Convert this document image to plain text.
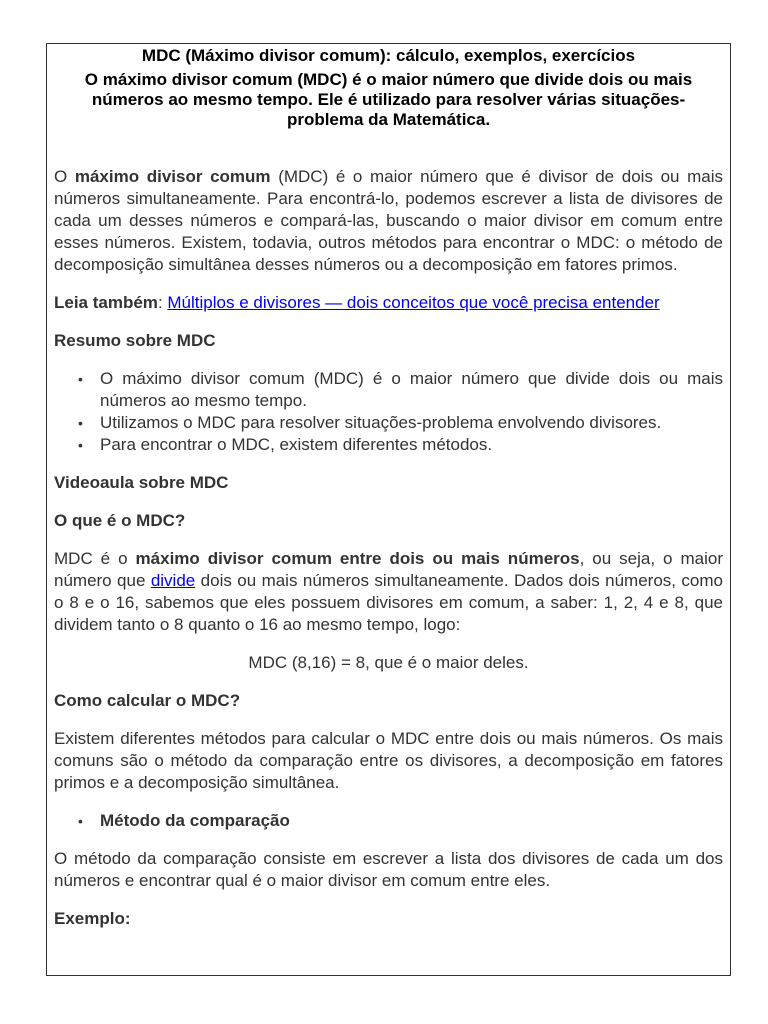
MDC (Máximo divisor comum): cálculo, exemplos, exercícios
O máximo divisor comum (MDC) é o maior número que divide dois ou mais números ao mesmo tempo. Ele é utilizado para resolver várias situações-problema da Matemática.

O máximo divisor comum (MDC) é o maior número que é divisor de dois ou mais números simultaneamente. Para encontrá-lo, podemos escrever a lista de divisores de cada um desses números e compará-las, buscando o maior divisor em comum entre esses números. Existem, todavia, outros métodos para encontrar o MDC: o método de decomposição simultânea desses números ou a decomposição em fatores primos.

Leia também: Múltiplos e divisores — dois conceitos que você precisa entender

Resumo sobre MDC

• O máximo divisor comum (MDC) é o maior número que divide dois ou mais números ao mesmo tempo.
• Utilizamos o MDC para resolver situações-problema envolvendo divisores.
• Para encontrar o MDC, existem diferentes métodos.

Videoaula sobre MDC

O que é o MDC?

MDC é o máximo divisor comum entre dois ou mais números, ou seja, o maior número que divide dois ou mais números simultaneamente. Dados dois números, como o 8 e o 16, sabemos que eles possuem divisores em comum, a saber: 1, 2, 4 e 8, que dividem tanto o 8 quanto o 16 ao mesmo tempo, logo:

MDC (8,16) = 8, que é o maior deles.

Como calcular o MDC?

Existem diferentes métodos para calcular o MDC entre dois ou mais números. Os mais comuns são o método da comparação entre os divisores, a decomposição em fatores primos e a decomposição simultânea.

• Método da comparação

O método da comparação consiste em escrever a lista dos divisores de cada um dos números e encontrar qual é o maior divisor em comum entre eles.

Exemplo:
